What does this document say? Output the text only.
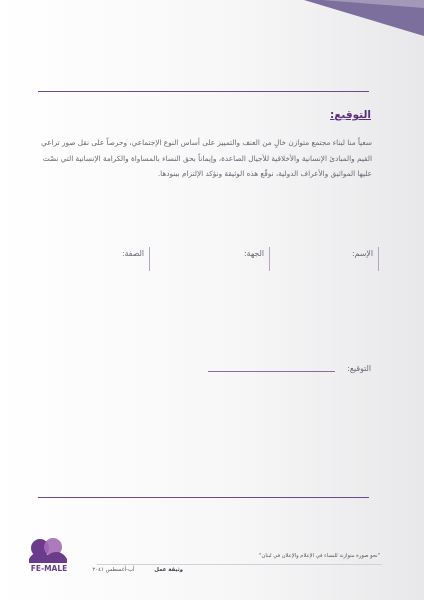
التوقيع:
سعياً منا لبناء مجتمع متوازن خالٍ من العنف والتمييز على أساس النوع الإجتماعي، وحرصاً على نقل صور تراعي القيم والمبادئ الإنسانية والأخلاقية للأجيال الصاعدة، وإيماناً بحق النساء بالمساواة والكرامة الإنسانية التي نصّت عليها المواثيق والأعراف الدولية، نوقّع هذه الوثيقة ونؤكد الإلتزام ببنودها.
الإسم:
الجهة:
الصفة:
التوقيع:
FE-MALE
"نحو صورة متوازنة للنساء في الإعلام والإعلان في لبنان"
وثيقة عمل أب-أغسطس ٢٠٤١
